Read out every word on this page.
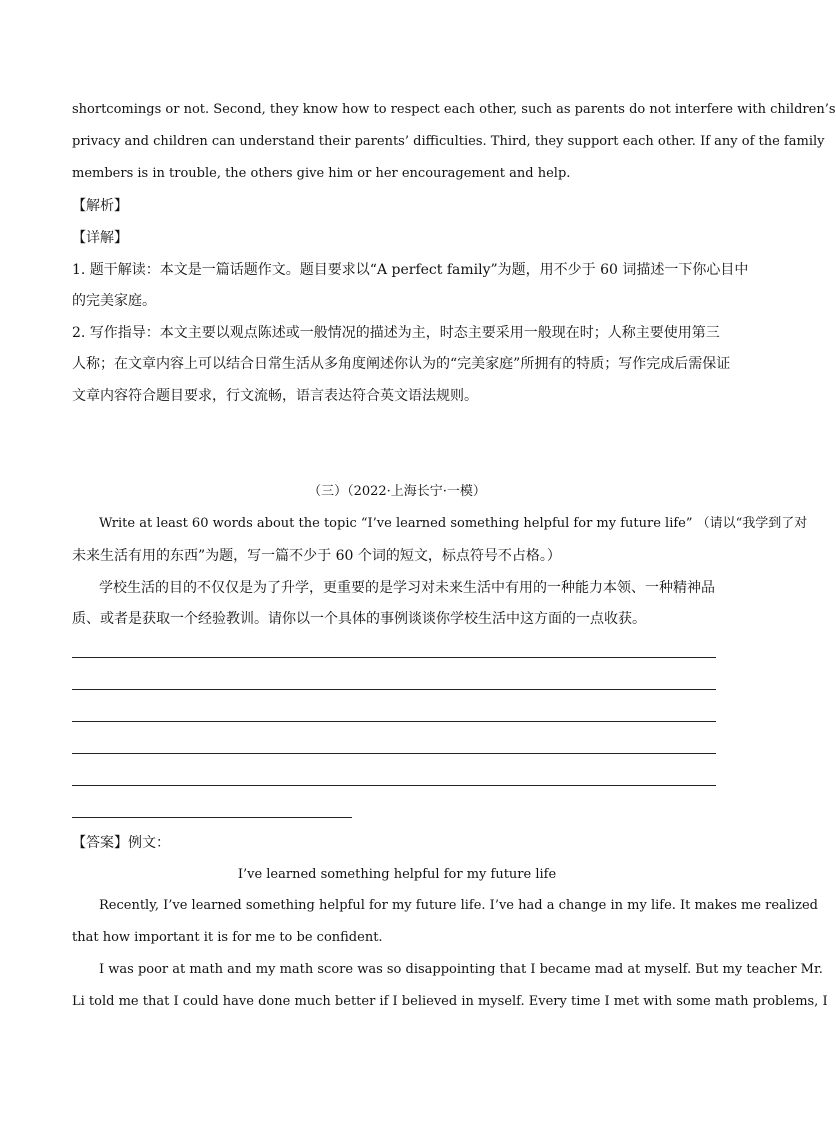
shortcomings or not. Second, they know how to respect each other, such as parents do not interfere with children’s
privacy and children can understand their parents’ difficulties. Third, they support each other. If any of the family
members is in trouble, the others give him or her encouragement and help.
【解析】
【详解】
1. 题干解读：本文是一篇话题作文。题目要求以“A perfect family”为题，用不少于 60 词描述一下你心目中
的完美家庭。
2. 写作指导：本文主要以观点陈述或一般情况的描述为主，时态主要采用一般现在时；人称主要使用第三
人称；在文章内容上可以结合日常生活从多角度阐述你认为的“完美家庭”所拥有的特质；写作完成后需保证
文章内容符合题目要求，行文流畅，语言表达符合英文语法规则。
（三）（2022·上海长宁·一模）
Write at least 60 words about the topic “I’ve learned something helpful for my future life” （请以“我学到了对
未来生活有用的东西”为题，写一篇不少于 60 个词的短文，标点符号不占格。）
学校生活的目的不仅仅是为了升学，更重要的是学习对未来生活中有用的一种能力本领、一种精神品
质、或者是获取一个经验教训。请你以一个具体的事例谈谈你学校生活中这方面的一点收获。
【答案】例文：
I’ve learned something helpful for my future life
Recently, I’ve learned something helpful for my future life. I’ve had a change in my life. It makes me realized
that how important it is for me to be confident.
I was poor at math and my math score was so disappointing that I became mad at myself. But my teacher Mr.
Li told me that I could have done much better if I believed in myself. Every time I met with some math problems, I
